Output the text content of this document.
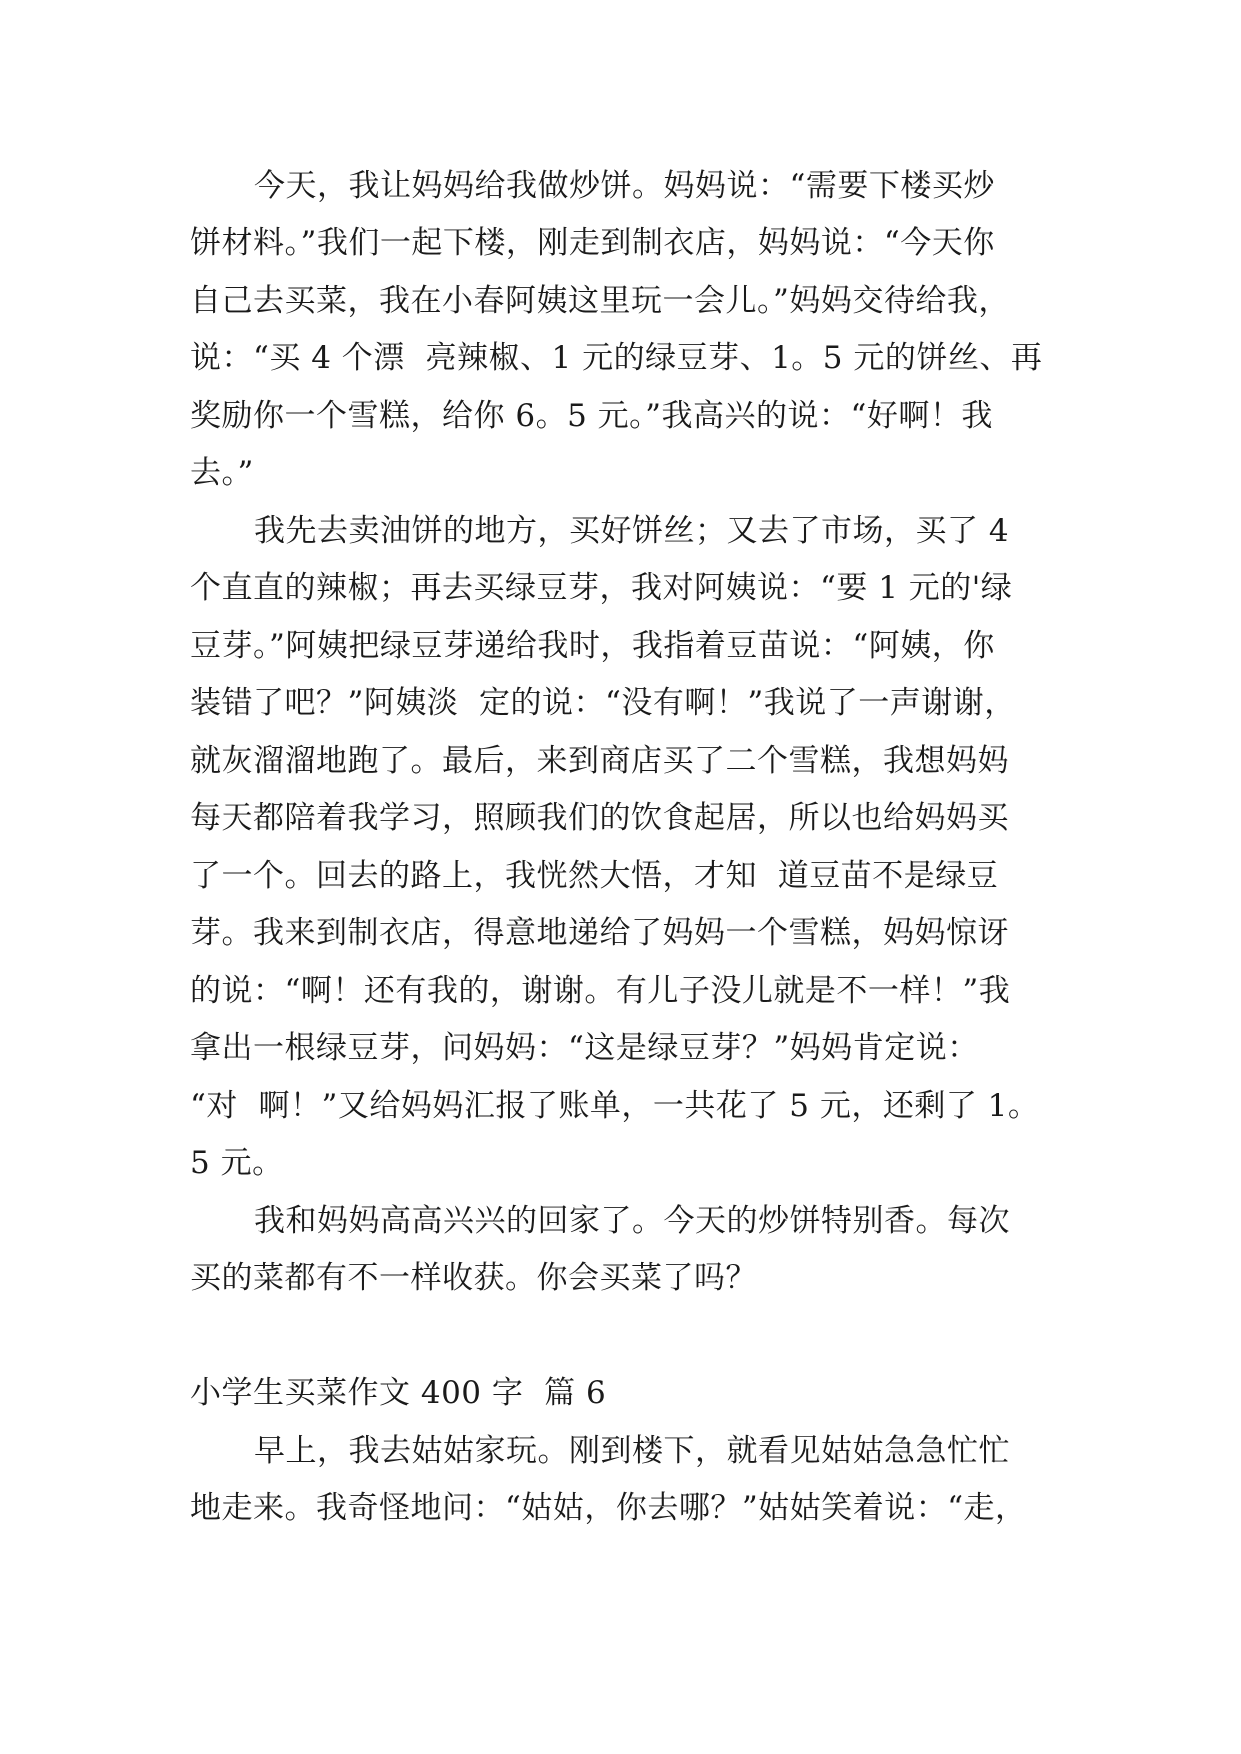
今天，我让妈妈给我做炒饼。妈妈说：“需要下楼买炒
饼材料。”我们一起下楼，刚走到制衣店，妈妈说：“今天你
自己去买菜，我在小春阿姨这里玩一会儿。”妈妈交待给我，
说：“买 4 个漂  亮辣椒、1 元的绿豆芽、1。5 元的饼丝、再
奖励你一个雪糕，给你 6。5 元。”我高兴的说：“好啊！我
去。”
我先去卖油饼的地方，买好饼丝；又去了市场，买了 4
个直直的辣椒；再去买绿豆芽，我对阿姨说：“要 1 元的'绿
豆芽。”阿姨把绿豆芽递给我时，我指着豆苗说：“阿姨，你
装错了吧？”阿姨淡  定的说：“没有啊！”我说了一声谢谢，
就灰溜溜地跑了。最后，来到商店买了二个雪糕，我想妈妈
每天都陪着我学习，照顾我们的饮食起居，所以也给妈妈买
了一个。回去的路上，我恍然大悟，才知  道豆苗不是绿豆
芽。我来到制衣店，得意地递给了妈妈一个雪糕，妈妈惊讶
的说：“啊！还有我的，谢谢。有儿子没儿就是不一样！”我
拿出一根绿豆芽，问妈妈：“这是绿豆芽？”妈妈肯定说：
“对  啊！”又给妈妈汇报了账单，一共花了 5 元，还剩了 1。
5 元。
我和妈妈高高兴兴的回家了。今天的炒饼特别香。每次
买的菜都有不一样收获。你会买菜了吗？
小学生买菜作文 400 字  篇 6
早上，我去姑姑家玩。刚到楼下，就看见姑姑急急忙忙
地走来。我奇怪地问：“姑姑，你去哪？”姑姑笑着说：“走，
